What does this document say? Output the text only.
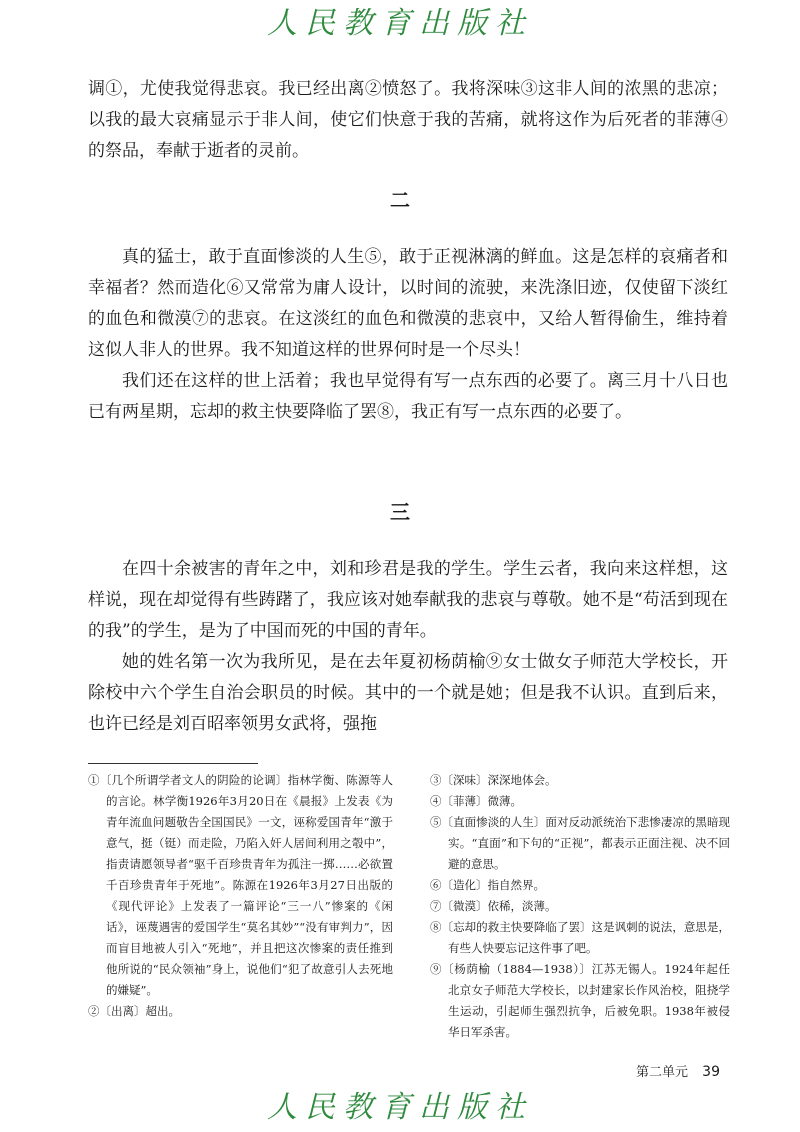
人民教育出版社

调①，尤使我觉得悲哀。我已经出离②愤怒了。我将深味③这非人间的浓黑的悲凉；以我的最大哀痛显示于非人间，使它们快意于我的苦痛，就将这作为后死者的菲薄④的祭品，奉献于逝者的灵前。

二

真的猛士，敢于直面惨淡的人生⑤，敢于正视淋漓的鲜血。这是怎样的哀痛者和幸福者？然而造化⑥又常常为庸人设计，以时间的流驶，来洗涤旧迹，仅使留下淡红的血色和微漠⑦的悲哀。在这淡红的血色和微漠的悲哀中，又给人暂得偷生，维持着这似人非人的世界。我不知道这样的世界何时是一个尽头！

我们还在这样的世上活着；我也早觉得有写一点东西的必要了。离三月十八日也已有两星期，忘却的救主快要降临了罢⑧，我正有写一点东西的必要了。

三

在四十余被害的青年之中，刘和珍君是我的学生。学生云者，我向来这样想，这样说，现在却觉得有些踌躇了，我应该对她奉献我的悲哀与尊敬。她不是“苟活到现在的我”的学生，是为了中国而死的中国的青年。

她的姓名第一次为我所见，是在去年夏初杨荫榆⑨女士做女子师范大学校长，开除校中六个学生自治会职员的时候。其中的一个就是她；但是我不认识。直到后来，也许已经是刘百昭率领男女武将，强拖

①〔几个所谓学者文人的阴险的论调〕指林学衡、陈源等人的言论。林学衡1926年3月20日在《晨报》上发表《为青年流血问题敬告全国国民》一文，诬称爱国青年“激于意气，挺（铤）而走险，乃陷入奸人居间利用之彀中”，指责请愿领导者“驱千百珍贵青年为孤注一掷……必欲置千百珍贵青年于死地”。陈源在1926年3月27日出版的《现代评论》上发表了一篇评论“三一八”惨案的《闲话》，诬蔑遇害的爱国学生“莫名其妙”“没有审判力”，因而盲目地被人引入“死地”，并且把这次惨案的责任推到他所说的“民众领袖”身上，说他们“犯了故意引人去死地的嫌疑”。

②〔出离〕超出。

③〔深味〕深深地体会。

④〔菲薄〕微薄。

⑤〔直面惨淡的人生〕面对反动派统治下悲惨凄凉的黑暗现实。“直面”和下句的“正视”，都表示正面注视、决不回避的意思。

⑥〔造化〕指自然界。

⑦〔微漠〕依稀，淡薄。

⑧〔忘却的救主快要降临了罢〕这是讽刺的说法，意思是，有些人快要忘记这件事了吧。

⑨〔杨荫榆（1884—1938）〕江苏无锡人。1924年起任北京女子师范大学校长，以封建家长作风治校，阻挠学生运动，引起师生强烈抗争，后被免职。1938年被侵华日军杀害。

第二单元 39
人民教育出版社
